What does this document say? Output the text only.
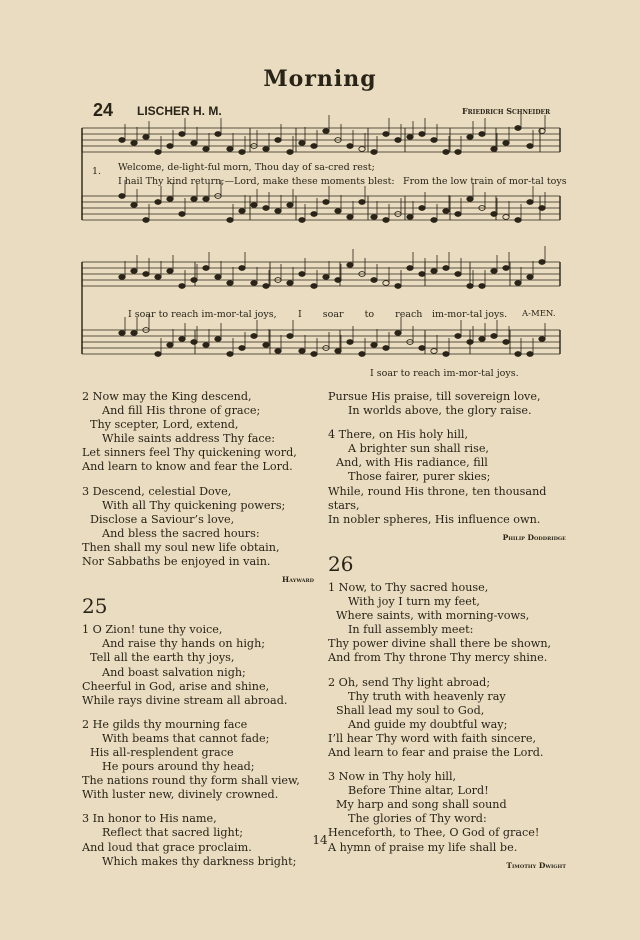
Morning
24 LISCHER H. M.	Friedrich Schneider
1. Welcome, de-light-ful morn, Thou day of sa-cred rest;
I hail Thy kind return;—Lord, make these moments blest: From the low train of mor-tal toys
I soar to reach im-mor-tal joys, I soar to reach im-mor-tal joys. A-MEN.
I soar to reach im-mor-tal joys.
2 Now may the King descend,
And fill His throne of grace;
Thy scepter, Lord, extend,
While saints address Thy face:
Let sinners feel Thy quickening word,
And learn to know and fear the Lord.
3 Descend, celestial Dove,
With all Thy quickening powers;
Disclose a Saviour’s love,
And bless the sacred hours:
Then shall my soul new life obtain,
Nor Sabbaths be enjoyed in vain.
Hayward
25
1 O Zion! tune thy voice,
And raise thy hands on high;
Tell all the earth thy joys,
And boast salvation nigh;
Cheerful in God, arise and shine,
While rays divine stream all abroad.
2 He gilds thy mourning face
With beams that cannot fade;
His all-resplendent grace
He pours around thy head;
The nations round thy form shall view,
With luster new, divinely crowned.
3 In honor to His name,
Reflect that sacred light;
And loud that grace proclaim.
Which makes thy darkness bright;
Pursue His praise, till sovereign love,
In worlds above, the glory raise.
4 There, on His holy hill,
A brighter sun shall rise,
And, with His radiance, fill
Those fairer, purer skies;
While, round His throne, ten thousand
stars,
In nobler spheres, His influence own.
Philip Doddridge
26
1 Now, to Thy sacred house,
With joy I turn my feet,
Where saints, with morning-vows,
In full assembly meet:
Thy power divine shall there be shown,
And from Thy throne Thy mercy shine.
2 Oh, send Thy light abroad;
Thy truth with heavenly ray
Shall lead my soul to God,
And guide my doubtful way;
I’ll hear Thy word with faith sincere,
And learn to fear and praise the Lord.
3 Now in Thy holy hill,
Before Thine altar, Lord!
My harp and song shall sound
The glories of Thy word:
Henceforth, to Thee, O God of grace!
A hymn of praise my life shall be.
Timothy Dwight
14
